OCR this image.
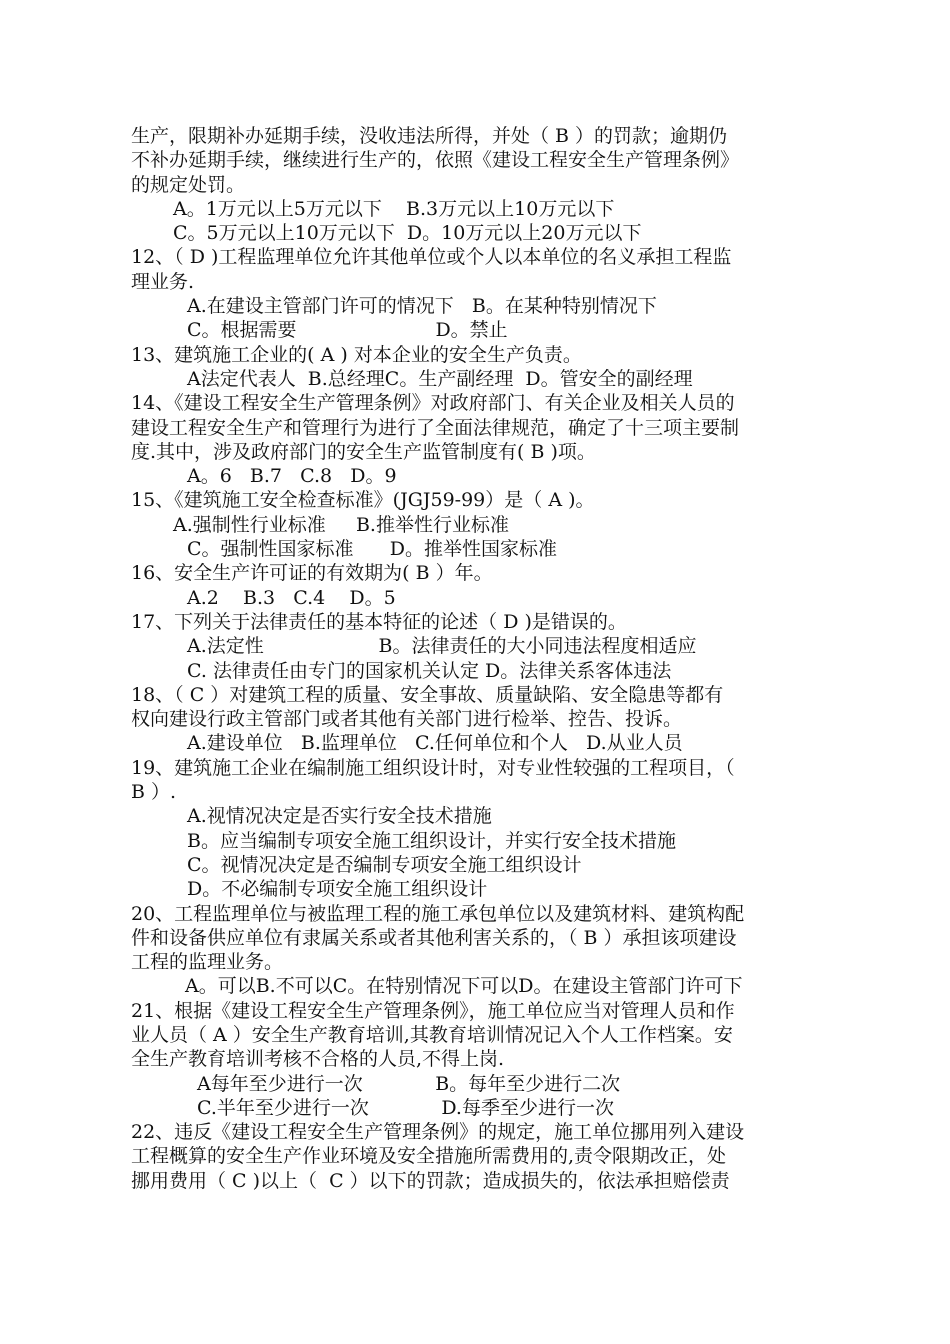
生产，限期补办延期手续，没收违法所得，并处（ B ）的罚款；逾期仍
不补办延期手续，继续进行生产的，依照《建设工程安全生产管理条例》
的规定处罚。
A。1万元以上5万元以下    B.3万元以上10万元以下
C。5万元以上10万元以下  D。10万元以上20万元以下
12、（ D )工程监理单位允许其他单位或个人以本单位的名义承担工程监
理业务.
A.在建设主管部门许可的情况下   B。在某种特别情况下
C。根据需要                       D。禁止
13、建筑施工企业的( A ) 对本企业的安全生产负责。
A法定代表人  B.总经理C。生产副经理  D。管安全的副经理
14、《建设工程安全生产管理条例》对政府部门、有关企业及相关人员的
建设工程安全生产和管理行为进行了全面法律规范，确定了十三项主要制
度.其中，涉及政府部门的安全生产监管制度有( B )项。
A。6   B.7   C.8   D。9
15、《建筑施工安全检查标准》(JGJ59-99）是（ A )。
A.强制性行业标准     B.推举性行业标准
C。强制性国家标准      D。推举性国家标准
16、安全生产许可证的有效期为( B ）年。
A.2    B.3   C.4    D。5
17、下列关于法律责任的基本特征的论述（ D )是错误的。
A.法定性                   B。法律责任的大小同违法程度相适应
C. 法律责任由专门的国家机关认定 D。法律关系客体违法
18、（ C ）对建筑工程的质量、安全事故、质量缺陷、安全隐患等都有
权向建设行政主管部门或者其他有关部门进行检举、控告、投诉。
A.建设单位   B.监理单位   C.任何单位和个人   D.从业人员
19、建筑施工企业在编制施工组织设计时，对专业性较强的工程项目，（
B ）.
A.视情况决定是否实行安全技术措施
B。应当编制专项安全施工组织设计，并实行安全技术措施
C。视情况决定是否编制专项安全施工组织设计
D。不必编制专项安全施工组织设计
20、工程监理单位与被监理工程的施工承包单位以及建筑材料、建筑构配
件和设备供应单位有隶属关系或者其他利害关系的，（ B ）承担该项建设
工程的监理业务。
A。可以B.不可以C。在特别情况下可以D。在建设主管部门许可下
21、根据《建设工程安全生产管理条例》，施工单位应当对管理人员和作
业人员（ A ）安全生产教育培训,其教育培训情况记入个人工作档案。安
全生产教育培训考核不合格的人员,不得上岗.
A每年至少进行一次            B。每年至少进行二次
C.半年至少进行一次            D.每季至少进行一次
22、违反《建设工程安全生产管理条例》的规定，施工单位挪用列入建设
工程概算的安全生产作业环境及安全措施所需费用的,责令限期改正，处
挪用费用（ C )以上（  C ）以下的罚款；造成损失的，依法承担赔偿责
